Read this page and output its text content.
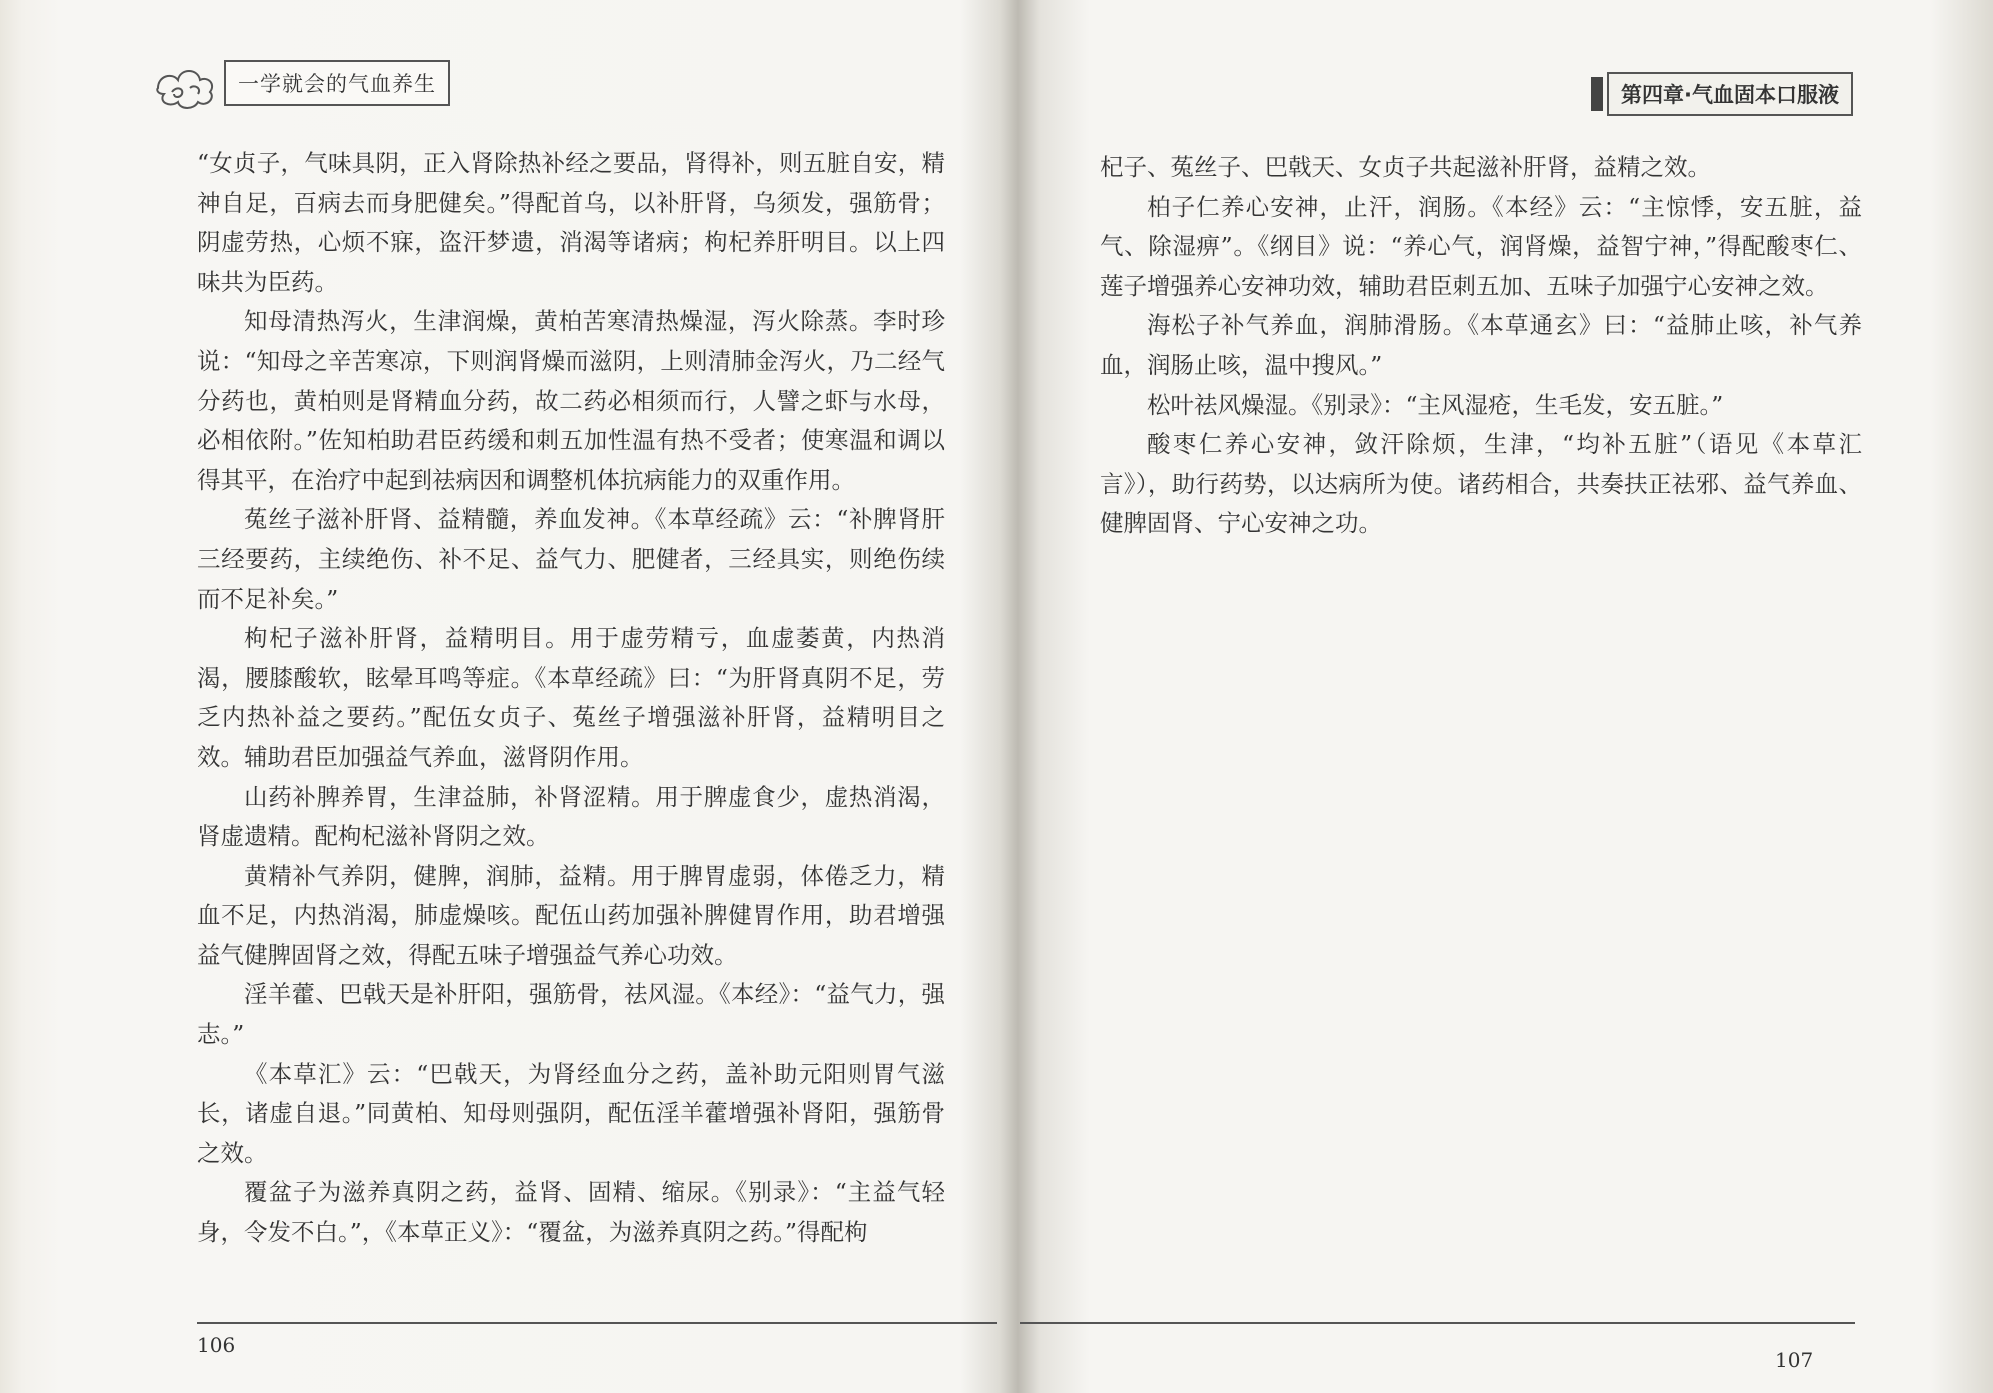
一学就会的气血养生

“女贞子，气味具阴，正入肾除热补经之要品，肾得补，则五脏自安，精神自足，百病去而身肥健矣。”得配首乌，以补肝肾，乌须发，强筋骨；阴虚劳热，心烦不寐，盗汗梦遗，消渴等诸病；枸杞养肝明目。以上四味共为臣药。

知母清热泻火，生津润燥，黄柏苦寒清热燥湿，泻火除蒸。李时珍说：“知母之辛苦寒凉，下则润肾燥而滋阴，上则清肺金泻火，乃二经气分药也，黄柏则是肾精血分药，故二药必相须而行，人譬之虾与水母，必相依附。”佐知柏助君臣药缓和刺五加性温有热不受者；使寒温和调以得其平，在治疗中起到祛病因和调整机体抗病能力的双重作用。

菟丝子滋补肝肾、益精髓，养血发神。《本草经疏》云：“补脾肾肝三经要药，主续绝伤、补不足、益气力、肥健者，三经具实，则绝伤续而不足补矣。”

枸杞子滋补肝肾，益精明目。用于虚劳精亏，血虚萎黄，内热消渴，腰膝酸软，眩晕耳鸣等症。《本草经疏》曰：“为肝肾真阴不足，劳乏内热补益之要药。”配伍女贞子、菟丝子增强滋补肝肾，益精明目之效。辅助君臣加强益气养血，滋肾阴作用。

山药补脾养胃，生津益肺，补肾涩精。用于脾虚食少，虚热消渴，肾虚遗精。配枸杞滋补肾阴之效。

黄精补气养阴，健脾，润肺，益精。用于脾胃虚弱，体倦乏力，精血不足，内热消渴，肺虚燥咳。配伍山药加强补脾健胃作用，助君增强益气健脾固肾之效，得配五味子增强益气养心功效。

淫羊藿、巴戟天是补肝阳，强筋骨，祛风湿。《本经》：“益气力，强志。”

《本草汇》云：“巴戟天，为肾经血分之药，盖补助元阳则胃气滋长，诸虚自退。”同黄柏、知母则强阴，配伍淫羊藿增强补肾阳，强筋骨之效。

覆盆子为滋养真阴之药，益肾、固精、缩尿。《别录》：“主益气轻身，令发不白。”，《本草正义》：“覆盆，为滋养真阴之药。”得配枸

106
第四章·气血固本口服液

杞子、菟丝子、巴戟天、女贞子共起滋补肝肾，益精之效。

柏子仁养心安神，止汗，润肠。《本经》云：“主惊悸，安五脏，益气、除湿痹”。《纲目》说：“养心气，润肾燥，益智宁神，”得配酸枣仁、莲子增强养心安神功效，辅助君臣刺五加、五味子加强宁心安神之效。

海松子补气养血，润肺滑肠。《本草通玄》曰：“益肺止咳，补气养血，润肠止咳，温中搜风。”

松叶祛风燥湿。《别录》：“主风湿疮，生毛发，安五脏。”

酸枣仁养心安神，敛汗除烦，生津，“均补五脏”（语见《本草汇言》），助行药势，以达病所为使。诸药相合，共奏扶正祛邪、益气养血、健脾固肾、宁心安神之功。

107
